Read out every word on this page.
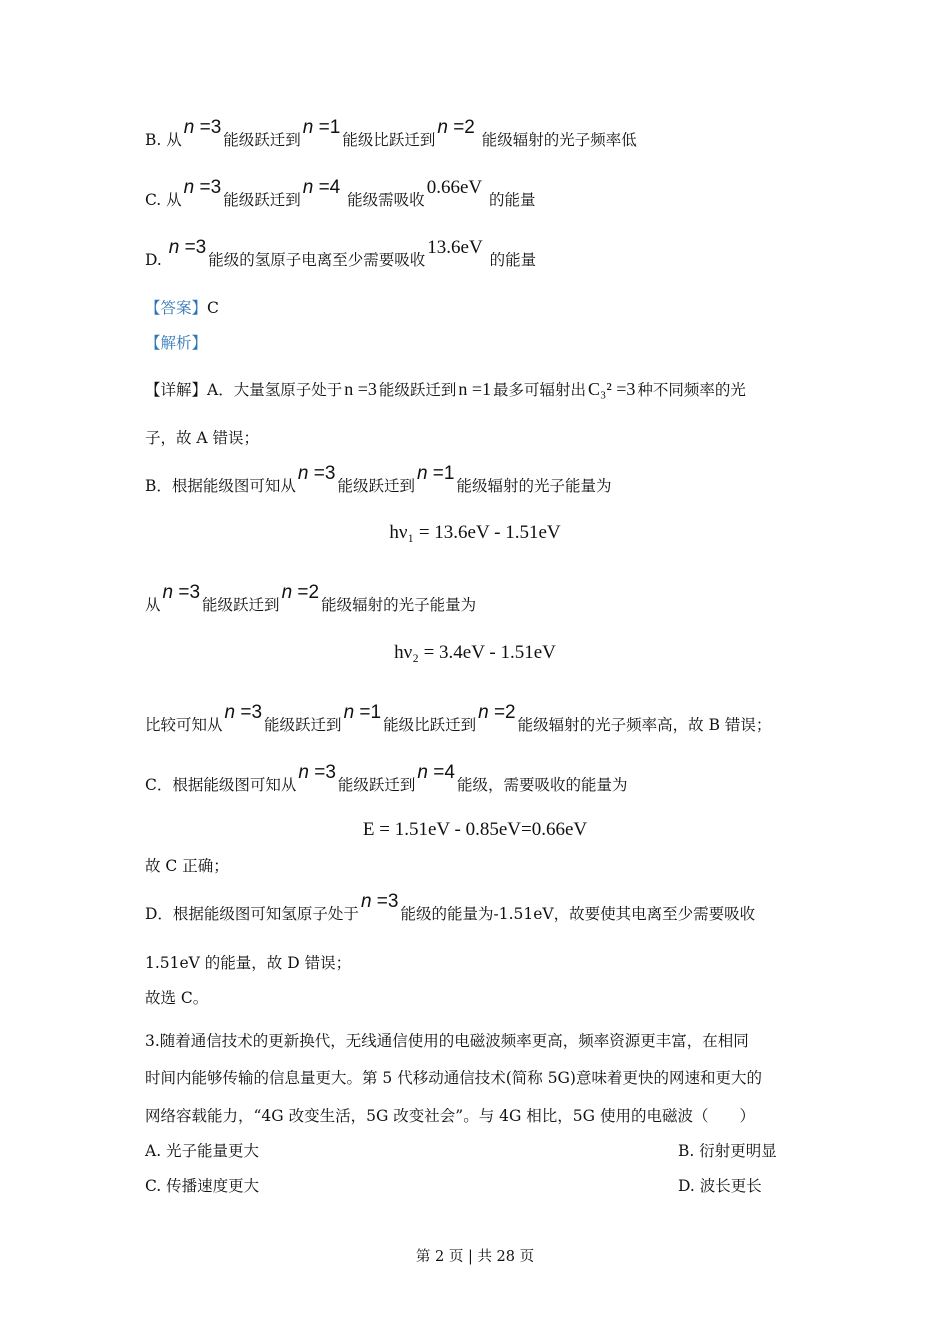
B. 从n =3能级跃迁到n =1能级比跃迁到n =2 能级辐射的光子频率低
C. 从n =3能级跃迁到n =4 能级需吸收0.66eV 的能量
D. n =3能级的氢原子电离至少需要吸收13.6eV 的能量
【答案】C
【解析】
【详解】A．大量氢原子处于 n =3 能级跃迁到 n =1 最多可辐射出 C₃² =3 种不同频率的光
子，故 A 错误；
B．根据能级图可知从n =3能级跃迁到n =1能级辐射的光子能量为
hν₁ = 13.6eV - 1.51eV
从n =3能级跃迁到n =2能级辐射的光子能量为
hν₂ = 3.4eV - 1.51eV
比较可知从n =3能级跃迁到n =1能级比跃迁到n =2能级辐射的光子频率高，故 B 错误；
C．根据能级图可知从n =3能级跃迁到n =4能级，需要吸收的能量为
E = 1.51eV - 0.85eV=0.66eV
故 C 正确；
D．根据能级图可知氢原子处于n =3能级的能量为-1.51eV，故要使其电离至少需要吸收
1.51eV 的能量，故 D 错误；
故选 C。
3.随着通信技术的更新换代，无线通信使用的电磁波频率更高，频率资源更丰富，在相同
时间内能够传输的信息量更大。第 5 代移动通信技术(简称 5G)意味着更快的网速和更大的
网络容载能力，“4G 改变生活，5G 改变社会”。与 4G 相比，5G 使用的电磁波（　　）
A. 光子能量更大	B. 衍射更明显
C. 传播速度更大	D. 波长更长
第 2 页 | 共 28 页
